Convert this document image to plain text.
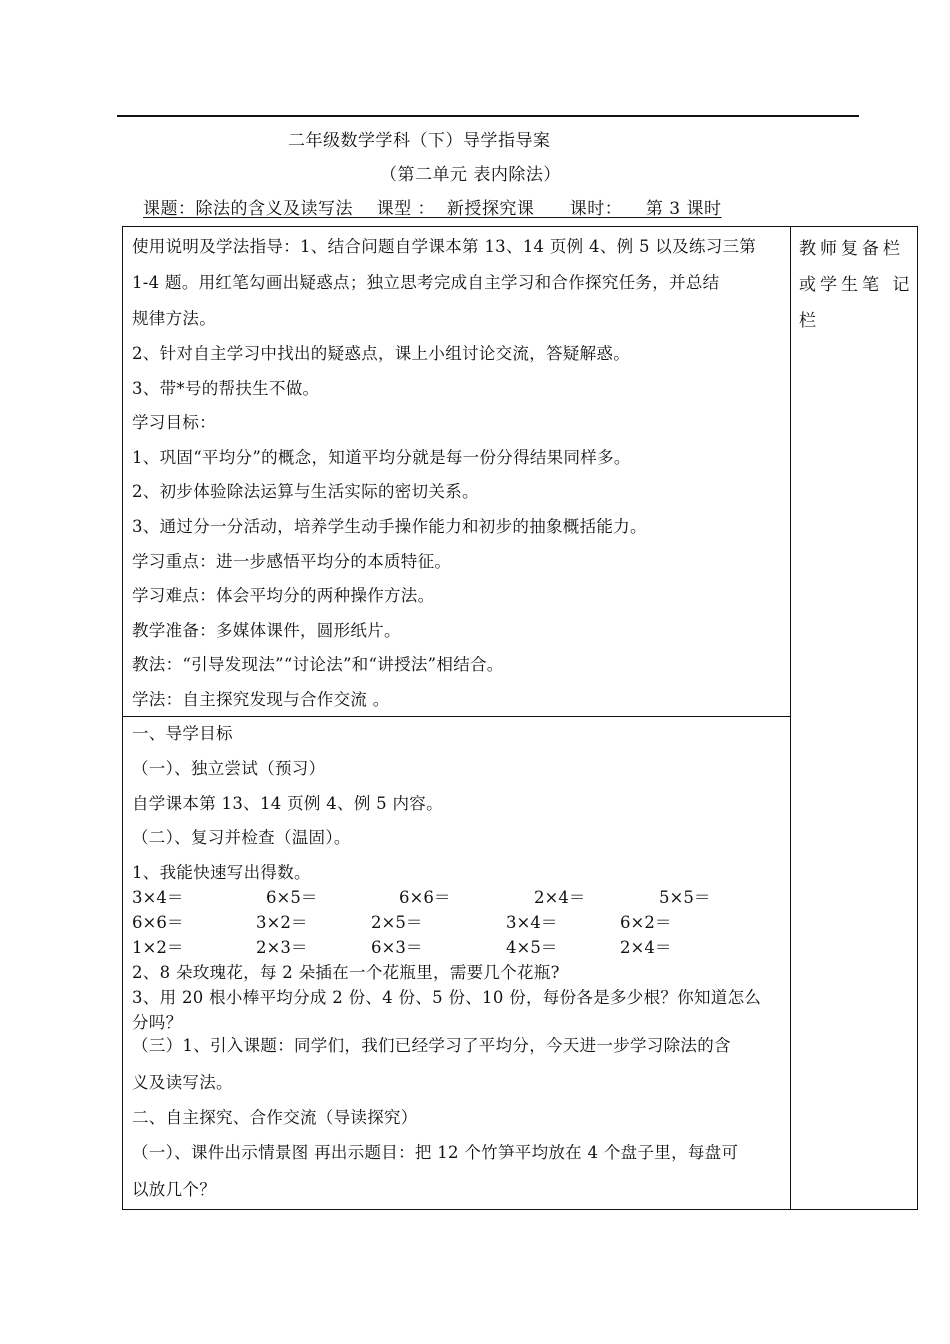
二年级数学学科（下）导学指导案
（第二单元 表内除法）
课题：除法的含义及读写法    课型 ：  新授探究课      课时：    第 3 课时
教师复备栏
或学生笔 记
栏
使用说明及学法指导：1、结合问题自学课本第 13、14 页例 4、例 5 以及练习三第
1-4 题。用红笔勾画出疑惑点；独立思考完成自主学习和合作探究任务，并总结
规律方法。
2、针对自主学习中找出的疑惑点，课上小组讨论交流，答疑解惑。
3、带*号的帮扶生不做。
学习目标：
1、巩固“平均分”的概念，知道平均分就是每一份分得结果同样多。
2、初步体验除法运算与生活实际的密切关系。
3、通过分一分活动，培养学生动手操作能力和初步的抽象概括能力。
学习重点：进一步感悟平均分的本质特征。
学习难点：体会平均分的两种操作方法。
教学准备：多媒体课件，圆形纸片。
教法：“引导发现法”“讨论法”和“讲授法”相结合。
学法：自主探究发现与合作交流 。
一、导学目标
（一）、独立尝试（预习）
自学课本第 13、14 页例 4、例 5 内容。
（二）、复习并检查（温固）。
1、我能快速写出得数。
3×4＝	6×5＝	6×6＝	2×4＝	5×5＝
6×6＝	3×2＝	2×5＝	3×4＝	6×2＝
1×2＝	2×3＝	6×3＝	4×5＝	2×4＝
2、8 朵玫瑰花，每 2 朵插在一个花瓶里，需要几个花瓶?
3、用 20 根小棒平均分成 2 份、4 份、5 份、10 份，每份各是多少根？你知道怎么
分吗？
（三）1、引入课题：同学们，我们已经学习了平均分，今天进一步学习除法的含
义及读写法。
二、自主探究、合作交流（导读探究）
（一）、课件出示情景图 再出示题目：把 12 个竹笋平均放在 4 个盘子里，每盘可
以放几个？
